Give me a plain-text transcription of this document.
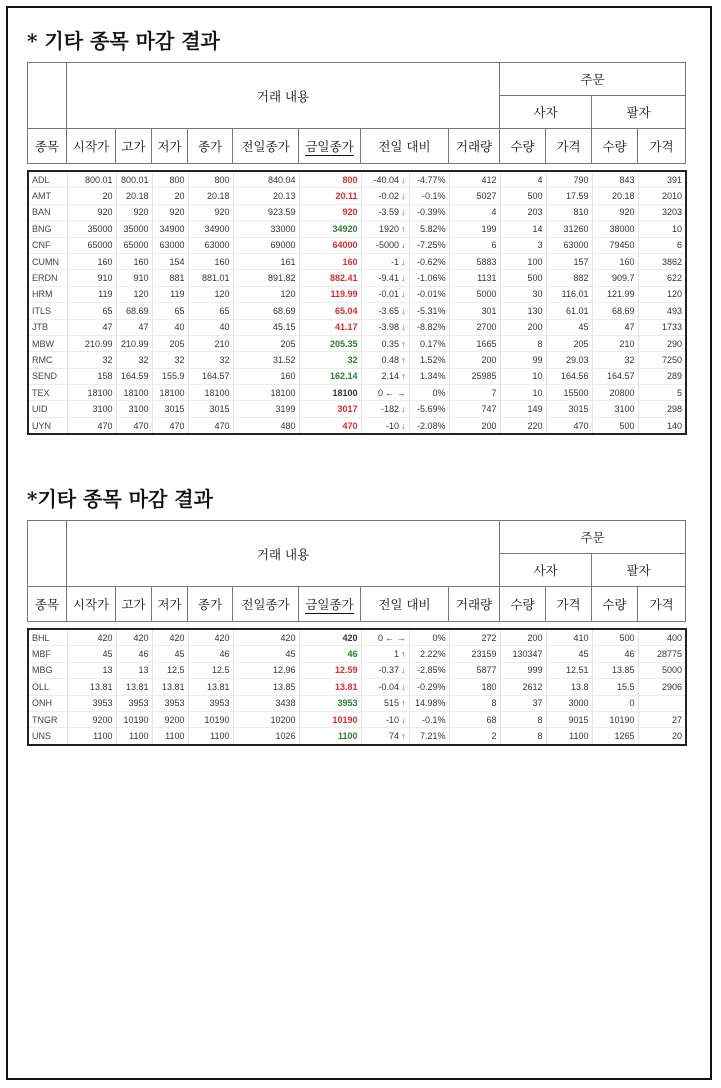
* 기타 종목 마감 결과
	거래 내용								주문			
									사자		팔자	
종목	시작가	고가	저가	종가	전일종가	금일종가	전일 대비	거래량	수량	가격	수량	가격
ADL	800.01	800.01	800	800	840.04	800	-40.04 ↓	-4.77%	412	4	790	843	391
AMT	20	20.18	20	20.18	20.13	20.11	-0.02 ↓	-0.1%	5027	500	17.59	20.18	2010
BAN	920	920	920	920	923.59	920	-3.59 ↓	-0.39%	4	203	810	920	3203
BNG	35000	35000	34900	34900	33000	34920	1920 ↑	5.82%	199	14	31260	38000	10
CNF	65000	65000	63000	63000	69000	64000	-5000 ↓	-7.25%	6	3	63000	79450	6
CUMN	160	160	154	160	161	160	-1 ↓	-0.62%	5883	100	157	160	3862
ERDN	910	910	881	881.01	891.82	882.41	-9.41 ↓	-1.06%	1131	500	882	909.7	622
HRM	119	120	119	120	120	119.99	-0.01 ↓	-0.01%	5000	30	116.01	121.99	120
ITLS	65	68.69	65	65	68.69	65.04	-3.65 ↓	-5.31%	301	130	61.01	68.69	493
JTB	47	47	40	40	45.15	41.17	-3.98 ↓	-8.82%	2700	200	45	47	1733
MBW	210.99	210.99	205	210	205	205.35	0.35 ↑	0.17%	1665	8	205	210	290
RMC	32	32	32	32	31.52	32	0.48 ↑	1.52%	200	99	29.03	32	7250
SEND	158	164.59	155.9	164.57	160	162.14	2.14 ↑	1.34%	25985	10	164.56	164.57	289
TEX	18100	18100	18100	18100	18100	18100	0 ← →	0%	7	10	15500	20800	5
UID	3100	3100	3015	3015	3199	3017	-182 ↓	-5.69%	747	149	3015	3100	298
UYN	470	470	470	470	480	470	-10 ↓	-2.08%	200	220	470	500	140
*기타 종목 마감 결과
	거래 내용								주문			
									사자		팔자	
종목	시작가	고가	저가	종가	전일종가	금일종가	전일 대비	거래량	수량	가격	수량	가격
BHL	420	420	420	420	420	420	0 ← →	0%	272	200	410	500	400
MBF	45	46	45	46	45	46	1 ↑	2.22%	23159	130347	45	46	28775
MBG	13	13	12.5	12.5	12.96	12.59	-0.37 ↓	-2.85%	5877	999	12.51	13.85	5000
OLL	13.81	13.81	13.81	13.81	13.85	13.81	-0.04 ↓	-0.29%	180	2612	13.8	15.5	2906
ONH	3953	3953	3953	3953	3438	3953	515 ↑	14.98%	8	37	3000	0	
TNGR	9200	10190	9200	10190	10200	10190	-10 ↓	-0.1%	68	8	9015	10190	27
UNS	1100	1100	1100	1100	1026	1100	74 ↑	7.21%	2	8	1100	1265	20
